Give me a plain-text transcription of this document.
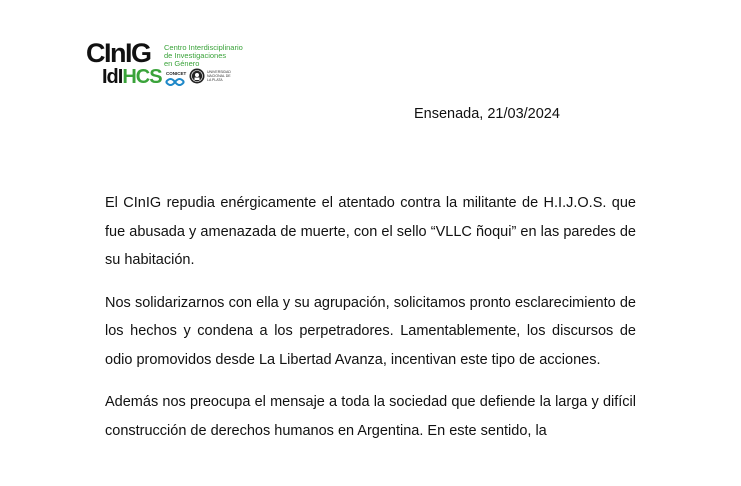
CInIG
IdIHCS
Centro Interdisciplinario
de Investigaciones
en Género
CONICET	UNIVERSIDAD NACIONAL DE LA PLATA
Ensenada, 21/03/2024

El CInIG repudia enérgicamente el atentado contra la militante de H.I.J.O.S. que fue abusada y amenazada de muerte, con el sello “VLLC ñoqui” en las paredes de su habitación.

Nos solidarizarnos con ella y su agrupación, solicitamos pronto esclarecimiento de los hechos y condena a los perpetradores. Lamentablemente, los discursos de odio promovidos desde La Libertad Avanza, incentivan este tipo de acciones.

Además nos preocupa el mensaje a toda la sociedad que defiende la larga y difícil construcción de derechos humanos en Argentina. En este sentido, la
